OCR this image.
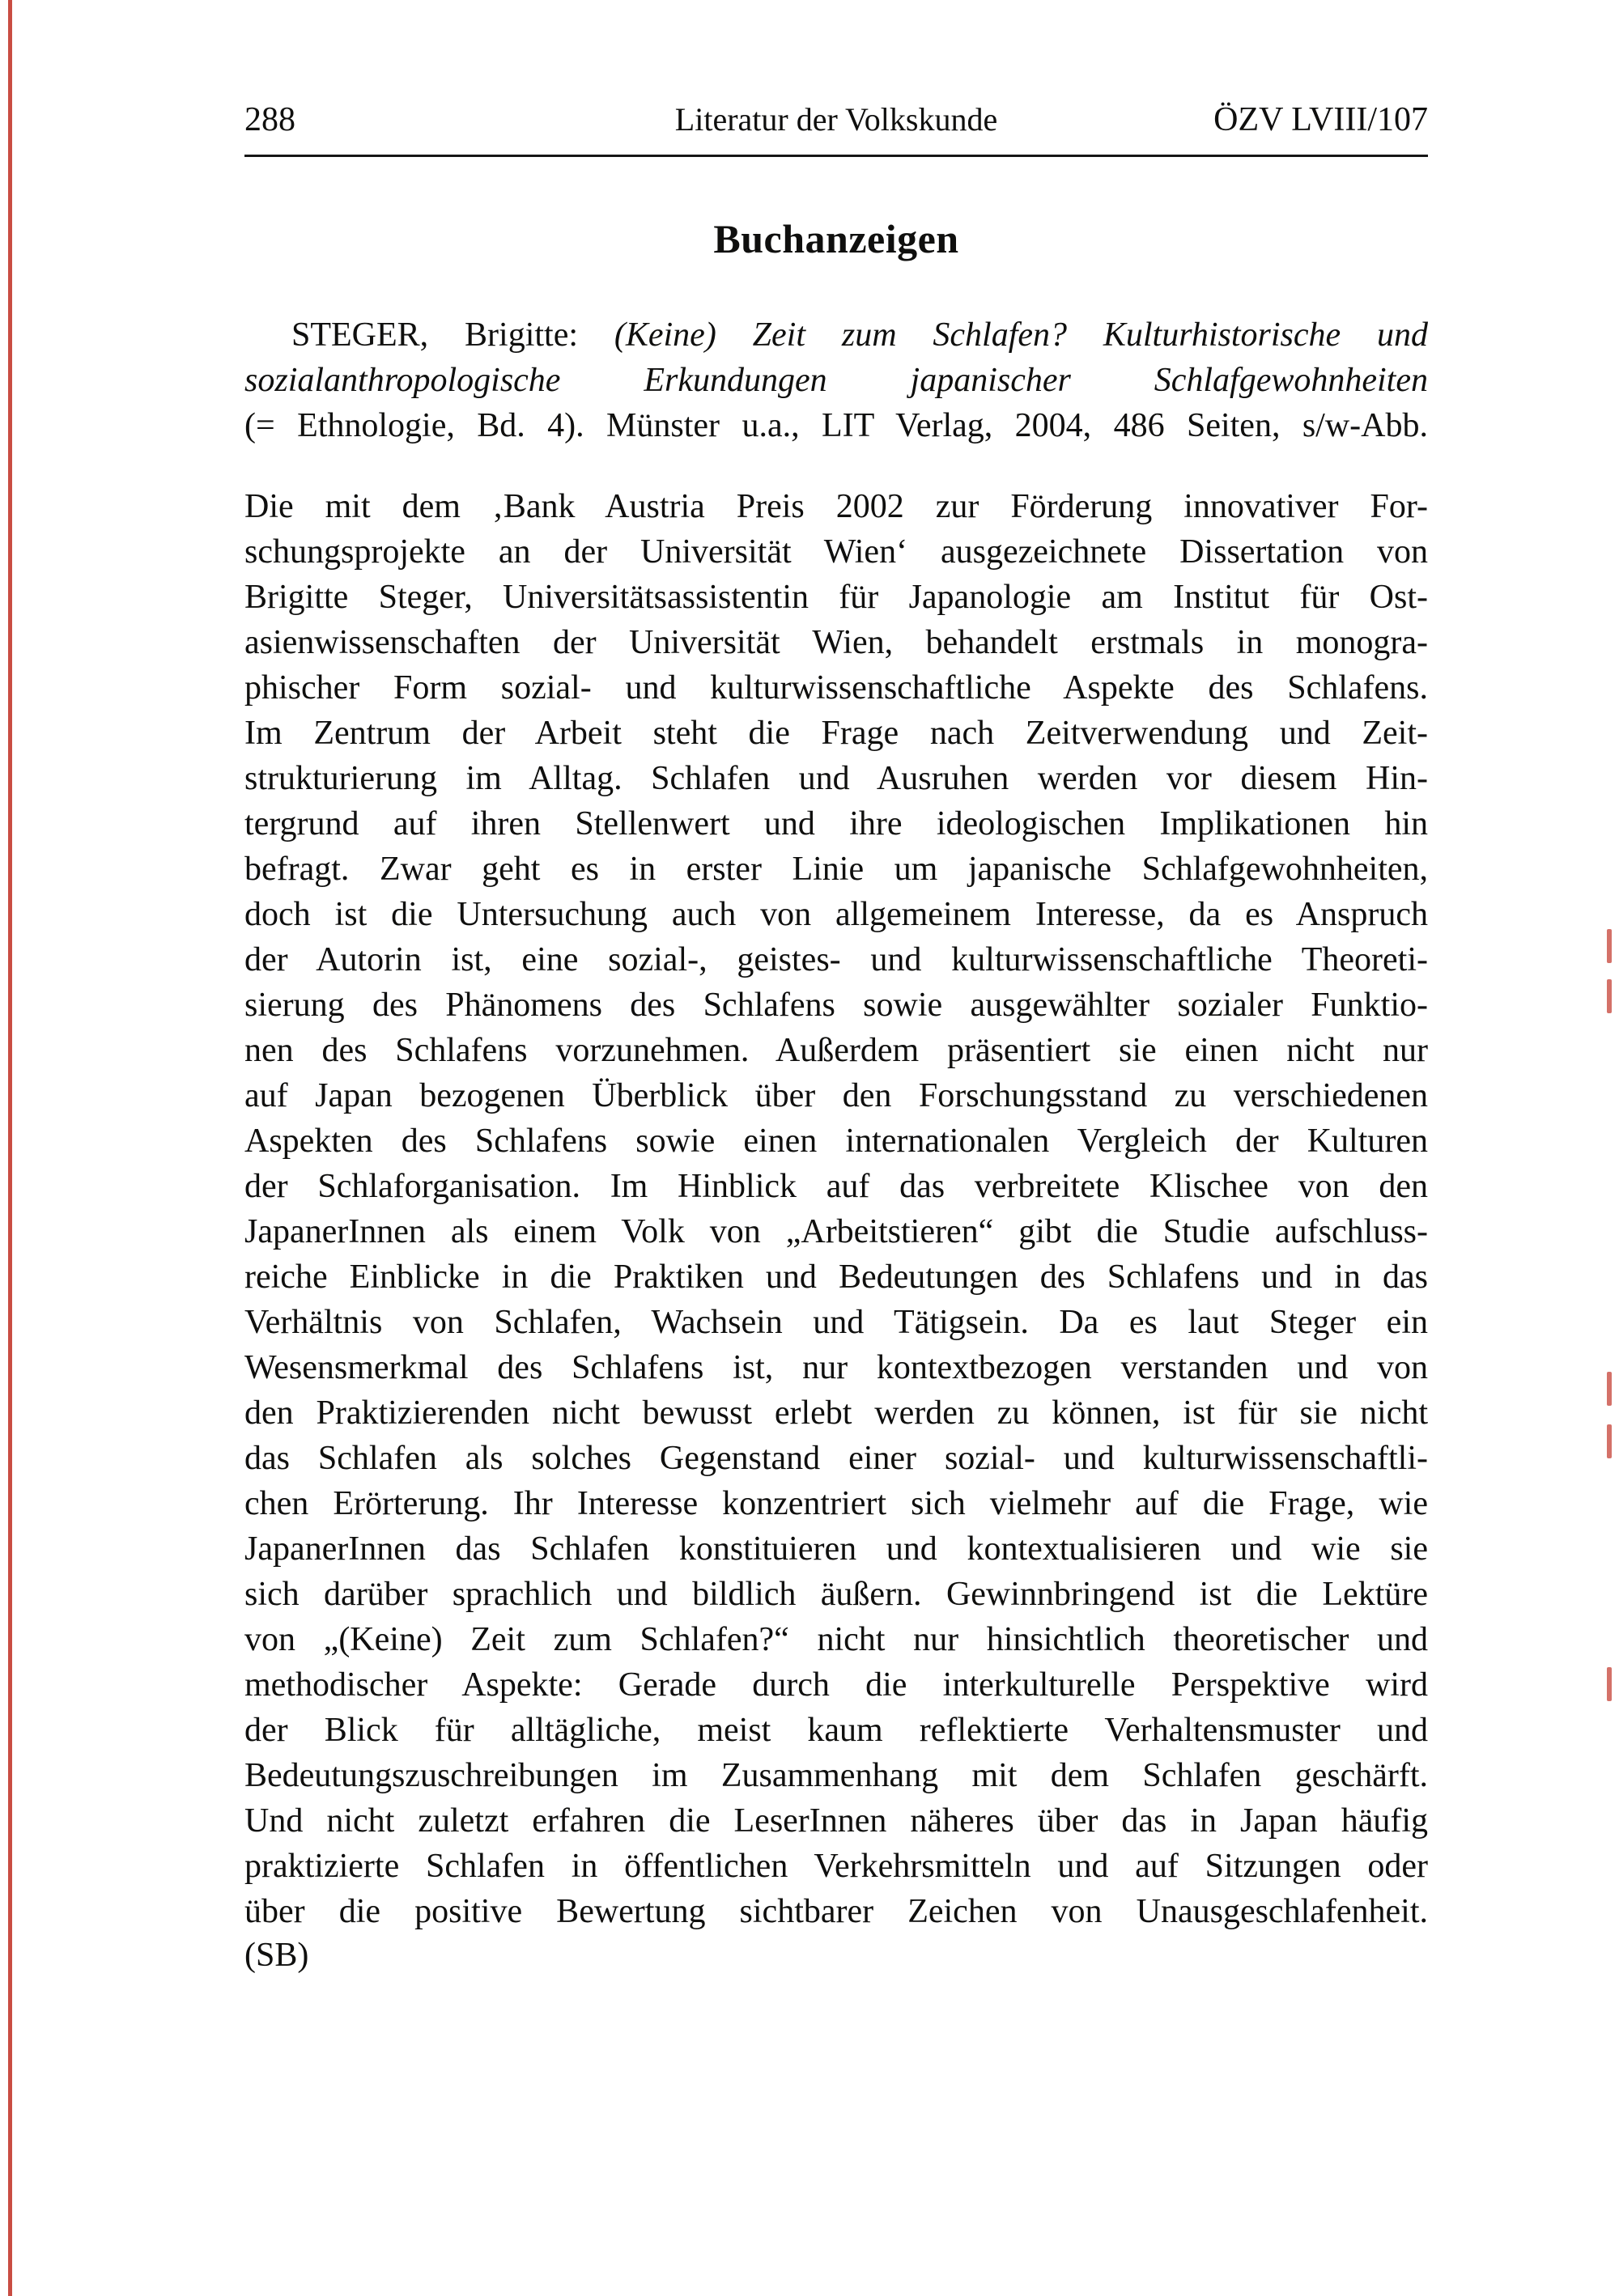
288	Literatur der Volkskunde	ÖZV LVIII/107
Buchanzeigen
STEGER, Brigitte: (Keine) Zeit zum Schlafen? Kulturhistorische und
sozialanthropologische Erkundungen japanischer Schlafgewohnheiten
(= Ethnologie, Bd. 4). Münster u.a., LIT Verlag, 2004, 486 Seiten, s/w-Abb.
Die mit dem ‚Bank Austria Preis 2002 zur Förderung innovativer For-
schungsprojekte an der Universität Wien‘ ausgezeichnete Dissertation von
Brigitte Steger, Universitätsassistentin für Japanologie am Institut für Ost-
asienwissenschaften der Universität Wien, behandelt erstmals in monogra-
phischer Form sozial- und kulturwissenschaftliche Aspekte des Schlafens.
Im Zentrum der Arbeit steht die Frage nach Zeitverwendung und Zeit-
strukturierung im Alltag. Schlafen und Ausruhen werden vor diesem Hin-
tergrund auf ihren Stellenwert und ihre ideologischen Implikationen hin
befragt. Zwar geht es in erster Linie um japanische Schlafgewohnheiten,
doch ist die Untersuchung auch von allgemeinem Interesse, da es Anspruch
der Autorin ist, eine sozial-, geistes- und kulturwissenschaftliche Theoreti-
sierung des Phänomens des Schlafens sowie ausgewählter sozialer Funktio-
nen des Schlafens vorzunehmen. Außerdem präsentiert sie einen nicht nur
auf Japan bezogenen Überblick über den Forschungsstand zu verschiedenen
Aspekten des Schlafens sowie einen internationalen Vergleich der Kulturen
der Schlaforganisation. Im Hinblick auf das verbreitete Klischee von den
JapanerInnen als einem Volk von „Arbeitstieren“ gibt die Studie aufschluss-
reiche Einblicke in die Praktiken und Bedeutungen des Schlafens und in das
Verhältnis von Schlafen, Wachsein und Tätigsein. Da es laut Steger ein
Wesensmerkmal des Schlafens ist, nur kontextbezogen verstanden und von
den Praktizierenden nicht bewusst erlebt werden zu können, ist für sie nicht
das Schlafen als solches Gegenstand einer sozial- und kulturwissenschaftli-
chen Erörterung. Ihr Interesse konzentriert sich vielmehr auf die Frage, wie
JapanerInnen das Schlafen konstituieren und kontextualisieren und wie sie
sich darüber sprachlich und bildlich äußern. Gewinnbringend ist die Lektüre
von „(Keine) Zeit zum Schlafen?“ nicht nur hinsichtlich theoretischer und
methodischer Aspekte: Gerade durch die interkulturelle Perspektive wird
der Blick für alltägliche, meist kaum reflektierte Verhaltensmuster und
Bedeutungszuschreibungen im Zusammenhang mit dem Schlafen geschärft.
Und nicht zuletzt erfahren die LeserInnen näheres über das in Japan häufig
praktizierte Schlafen in öffentlichen Verkehrsmitteln und auf Sitzungen oder
über die positive Bewertung sichtbarer Zeichen von Unausgeschlafenheit.
(SB)
